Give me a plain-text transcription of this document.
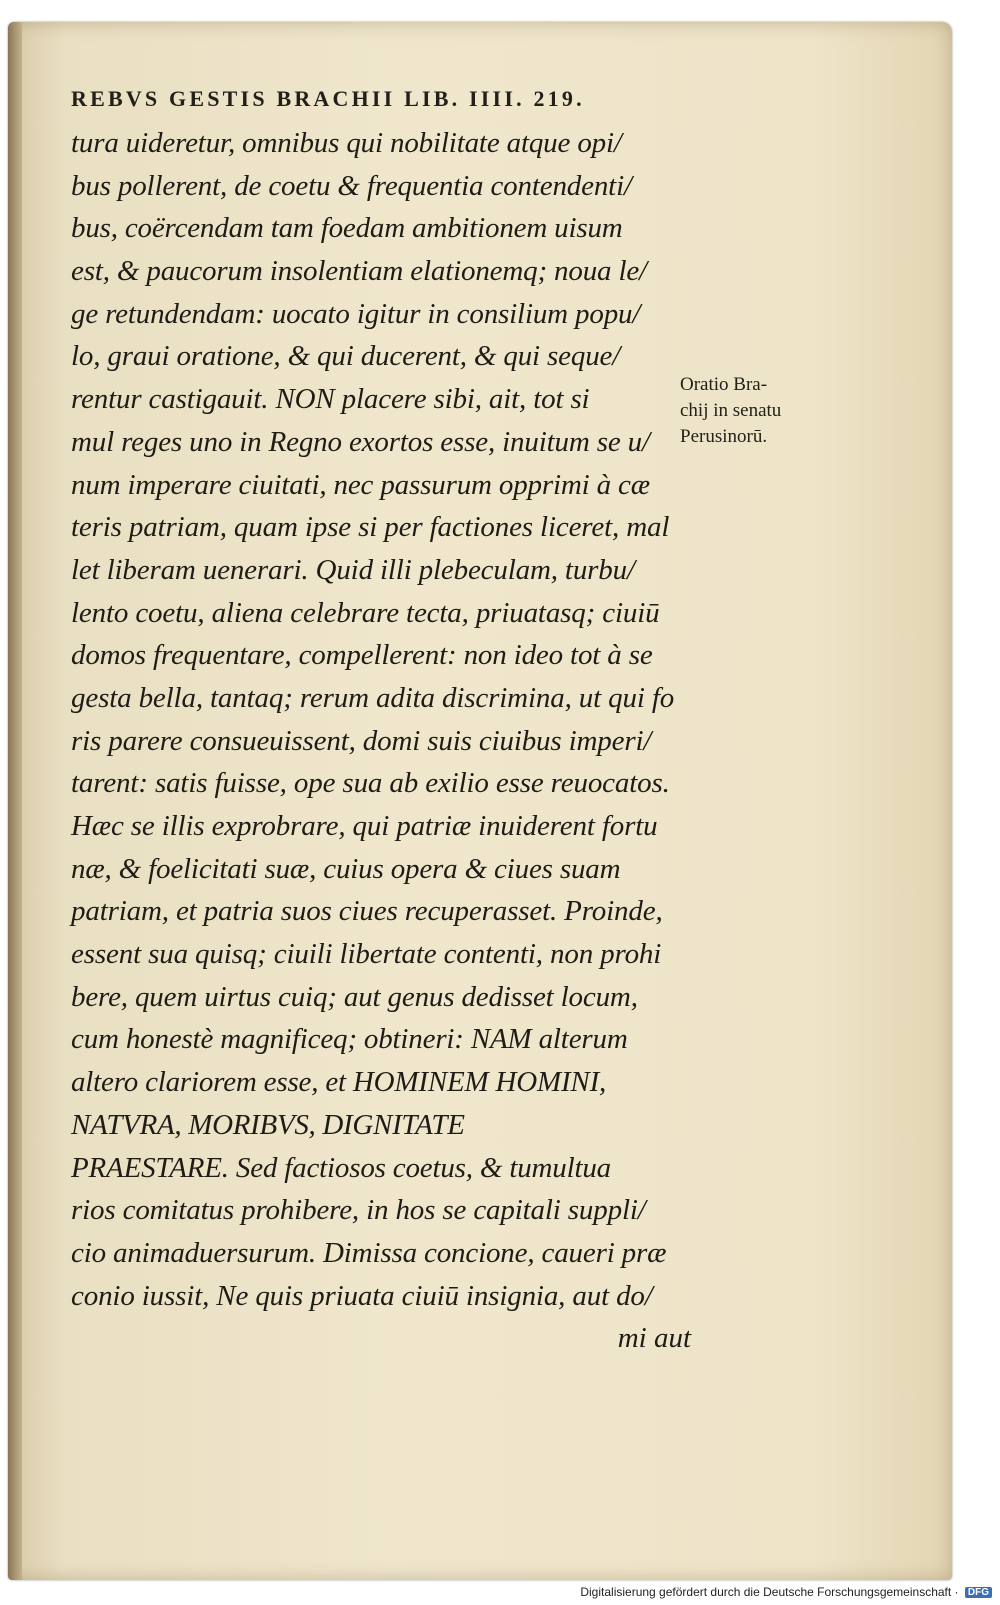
REBVS GESTIS BRACHII LIB. IIII. 219.
tura uideretur, omnibus qui nobilitate atque opi/
bus pollerent, de coetu & frequentia contendenti/
bus, coërcendam tam foedam ambitionem uisum
est, & paucorum insolentiam elationemq; noua le/
ge retundendam: uocato igitur in consilium popu/
lo, graui oratione, & qui ducerent, & qui seque/
rentur castigauit. NON placere sibi, ait, tot si
mul reges uno in Regno exortos esse, inuitum se u/
num imperare ciuitati, nec passurum opprimi à cæ
teris patriam, quam ipse si per factiones liceret, mal
let liberam uenerari. Quid illi plebeculam, turbu/
lento coetu, aliena celebrare tecta, priuatasq; ciuiū
domos frequentare, compellerent: non ideo tot à se
gesta bella, tantaq; rerum adita discrimina, ut qui fo
ris parere consueuissent, domi suis ciuibus imperi/
tarent: satis fuisse, ope sua ab exilio esse reuocatos.
Hæc se illis exprobrare, qui patriæ inuiderent fortu
næ, & foelicitati suæ, cuius opera & ciues suam
patriam, et patria suos ciues recuperasset. Proinde,
essent sua quisq; ciuili libertate contenti, non prohi
bere, quem uirtus cuiq; aut genus dedisset locum,
cum honestè magnificeq; obtineri: NAM alterum
altero clariorem esse, et HOMINEM HOMINI,
NATVRA, MORIBVS, DIGNITATE
PRAESTARE. Sed factiosos coetus, & tumultua
rios comitatus prohibere, in hos se capitali suppli/
cio animaduersurum. Dimissa concione, caueri præ
conio iussit, Ne quis priuata ciuiū insignia, aut do/
mi aut
Oratio Bra-
chij in senatu
Perusinorū.
Digitalisierung gefördert durch die Deutsche Forschungsgemeinschaft · DFG
